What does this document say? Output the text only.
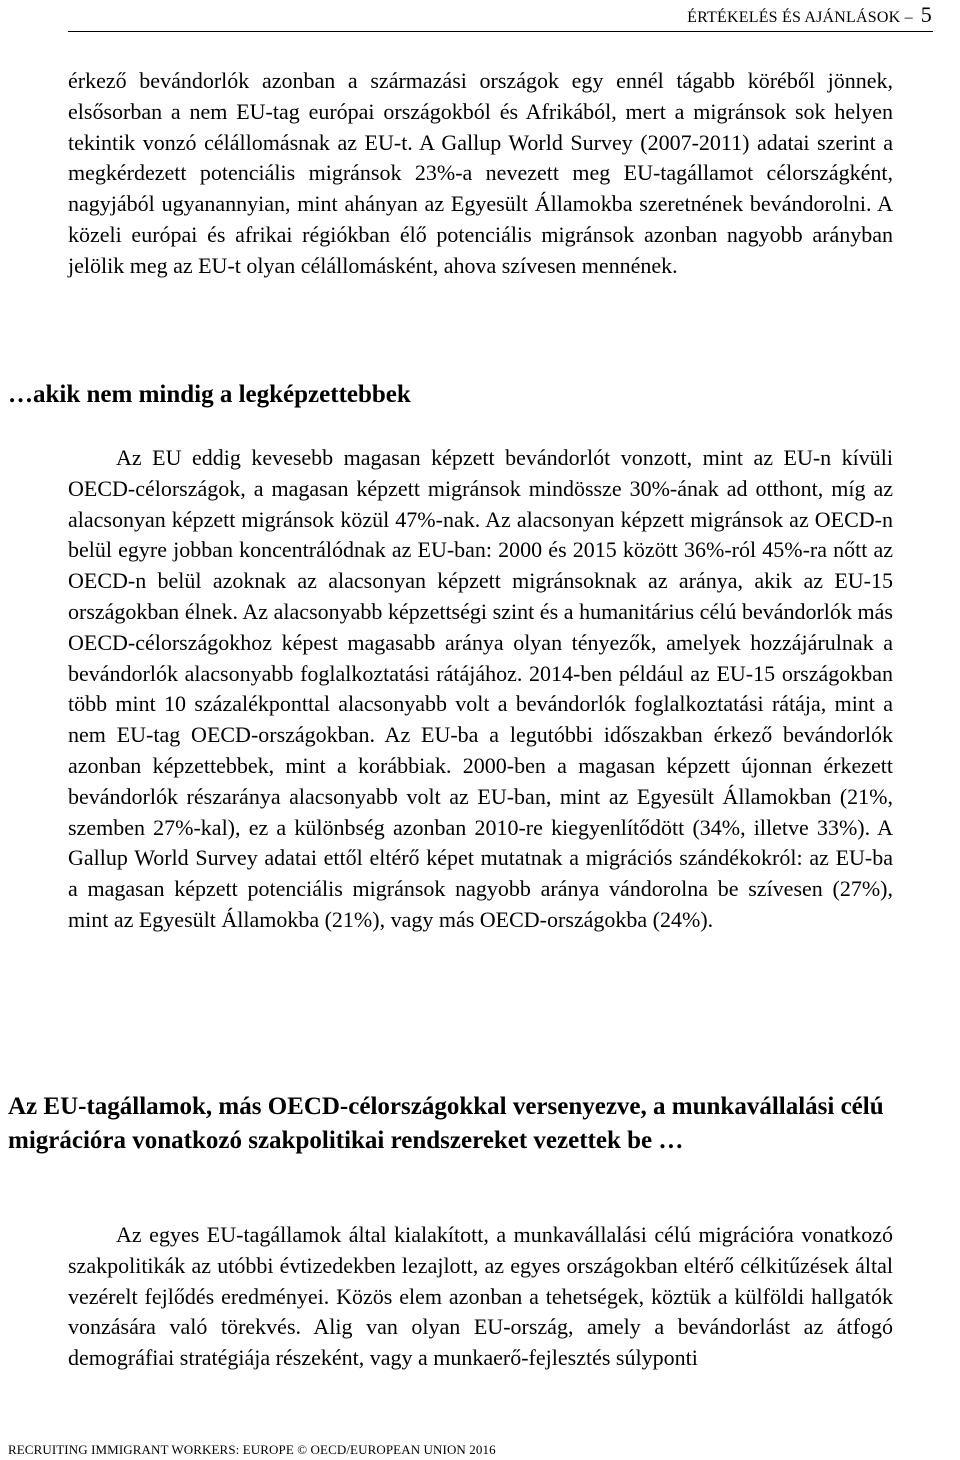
ÉRTÉKELÉS ÉS AJÁNLÁSOK – 5

érkező bevándorlók azonban a származási országok egy ennél tágabb köréből jönnek, elsősorban a nem EU-tag európai országokból és Afrikából, mert a migránsok sok helyen tekintik vonzó célállomásnak az EU-t. A Gallup World Survey (2007-2011) adatai szerint a megkérdezett potenciális migránsok 23%-a nevezett meg EU-tagállamot célországként, nagyjából ugyanannyian, mint ahányan az Egyesült Államokba szeretnének bevándorolni. A közeli európai és afrikai régiókban élő potenciális migránsok azonban nagyobb arányban jelölik meg az EU-t olyan célállomásként, ahova szívesen mennének.

…akik nem mindig a legképzettebbek

Az EU eddig kevesebb magasan képzett bevándorlót vonzott, mint az EU-n kívüli OECD-célországok, a magasan képzett migránsok mindössze 30%-ának ad otthont, míg az alacsonyan képzett migránsok közül 47%-nak. Az alacsonyan képzett migránsok az OECD-n belül egyre jobban koncentrálódnak az EU-ban: 2000 és 2015 között 36%-ról 45%-ra nőtt az OECD-n belül azoknak az alacsonyan képzett migránsoknak az aránya, akik az EU-15 országokban élnek. Az alacsonyabb képzettségi szint és a humanitárius célú bevándorlók más OECD-célországokhoz képest magasabb aránya olyan tényezők, amelyek hozzájárulnak a bevándorlók alacsonyabb foglalkoztatási rátájához. 2014-ben például az EU-15 országokban több mint 10 százalékponttal alacsonyabb volt a bevándorlók foglalkoztatási rátája, mint a nem EU-tag OECD-országokban. Az EU-ba a legutóbbi időszakban érkező bevándorlók azonban képzettebbek, mint a korábbiak. 2000-ben a magasan képzett újonnan érkezett bevándorlók részaránya alacsonyabb volt az EU-ban, mint az Egyesült Államokban (21%, szemben 27%-kal), ez a különbség azonban 2010-re kiegyenlítődött (34%, illetve 33%). A Gallup World Survey adatai ettől eltérő képet mutatnak a migrációs szándékokról: az EU-ba a magasan képzett potenciális migránsok nagyobb aránya vándorolna be szívesen (27%), mint az Egyesült Államokba (21%), vagy más OECD-országokba (24%).

Az EU-tagállamok, más OECD-célországokkal versenyezve, a munkavállalási célú migrációra vonatkozó szakpolitikai rendszereket vezettek be …

Az egyes EU-tagállamok által kialakított, a munkavállalási célú migrációra vonatkozó szakpolitikák az utóbbi évtizedekben lezajlott, az egyes országokban eltérő célkitűzések által vezérelt fejlődés eredményei. Közös elem azonban a tehetségek, köztük a külföldi hallgatók vonzására való törekvés. Alig van olyan EU-ország, amely a bevándorlást az átfogó demográfiai stratégiája részeként, vagy a munkaerő-fejlesztés súlyponti

RECRUITING IMMIGRANT WORKERS: EUROPE © OECD/EUROPEAN UNION 2016
